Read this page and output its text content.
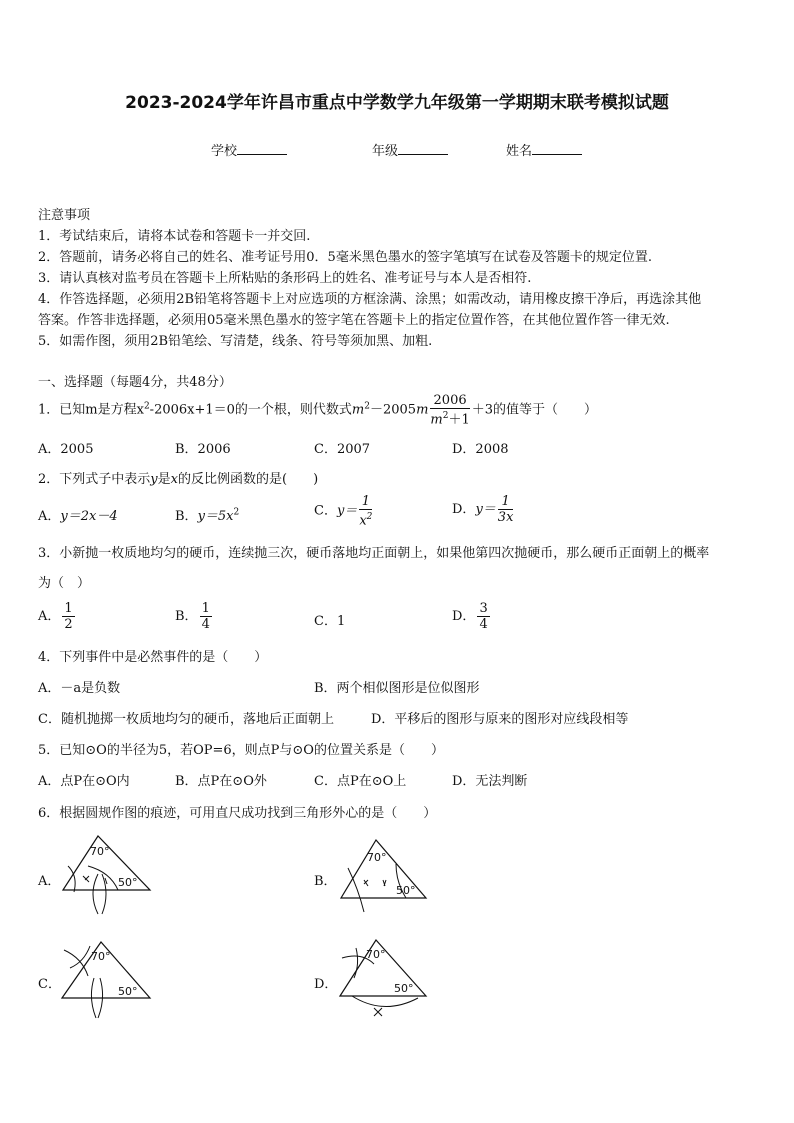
2023-2024学年许昌市重点中学数学九年级第一学期期末联考模拟试题
学校	年级	姓名
注意事项
1．考试结束后，请将本试卷和答题卡一并交回.
2．答题前，请务必将自己的姓名、准考证号用0．5毫米黑色墨水的签字笔填写在试卷及答题卡的规定位置.
3．请认真核对监考员在答题卡上所粘贴的条形码上的姓名、准考证号与本人是否相符.
4．作答选择题，必须用2B铅笔将答题卡上对应选项的方框涂满、涂黑；如需改动，请用橡皮擦干净后，再选涂其他
答案。作答非选择题，必须用05毫米黑色墨水的签字笔在答题卡上的指定位置作答，在其他位置作答一律无效.
5．如需作图，须用2B铅笔绘、写清楚，线条、符号等须加黑、加粗.
一、选择题（每题4分，共48分）
1．已知m是方程$x^2-2006x+1=0$的一个根，则代数式$m^2-2005m \frac{2006}{m^2+1} +3$的值等于（　　）
A．2005	B．2006	C．2007	D．2008
2．下列式子中表示y是x的反比例函数的是(　　)
A．y＝2x－4	B．$y=5x^2$	C．$y= \frac{1}{x^2}$	D．$y= \frac{1}{3x}$
3．小新抛一枚质地均匀的硬币，连续抛三次，硬币落地均正面朝上，如果他第四次抛硬币，那么硬币正面朝上的概率
为（　）
A． $\frac{1}{2}$	B． $\frac{1}{4}$	C．1	D． $\frac{3}{4}$
4．下列事件中是必然事件的是（　　）
A．－a是负数	B．两个相似图形是位似图形
C．随机抛掷一枚质地均匀的硬币，落地后正面朝上	D．平移后的图形与原来的图形对应线段相等
5．已知⊙O的半径为5，若OP=6，则点P与⊙O的位置关系是（　　）
A．点P在⊙O内	B．点P在⊙O外	C．点P在⊙O上	D．无法判断
6．根据圆规作图的痕迹，可用直尺成功找到三角形外心的是（　　）
A．
70°
50°	B．
70°
50°
C．
70°
50°	D．
70°
50°
